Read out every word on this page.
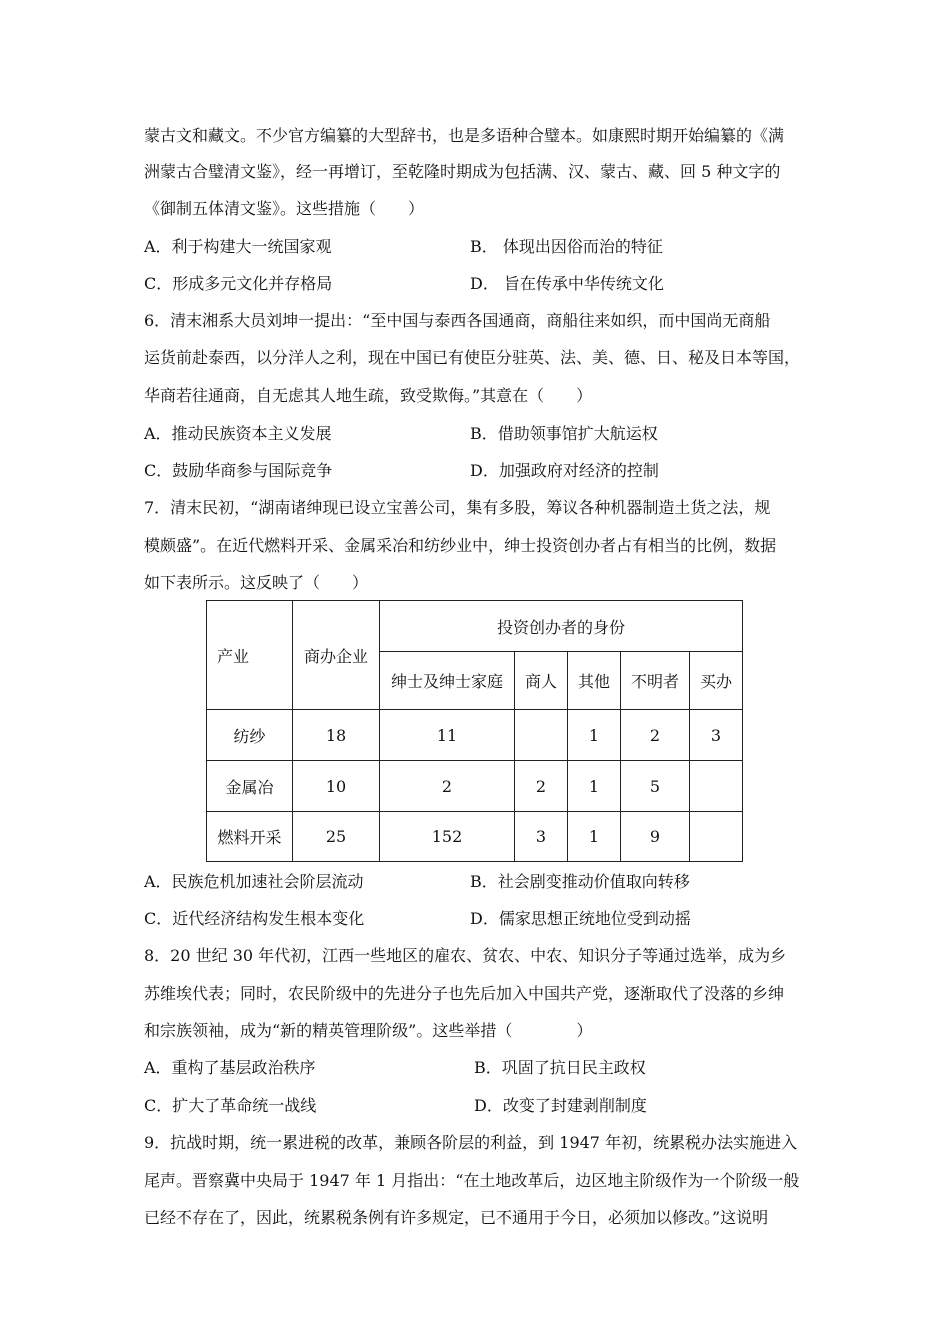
蒙古文和藏文。不少官方编纂的大型辞书，也是多语种合璧本。如康熙时期开始编纂的《满
洲蒙古合璧清文鉴》，经一再增订，至乾隆时期成为包括满、汉、蒙古、藏、回 5 种文字的
《御制五体清文鉴》。这些措施（　　）
A．利于构建大一统国家观	B． 体现出因俗而治的特征
C．形成多元文化并存格局	D． 旨在传承中华传统文化
6．清末湘系大员刘坤一提出：“至中国与泰西各国通商，商船往来如织，而中国尚无商船
运货前赴泰西，以分洋人之利，现在中国已有使臣分驻英、法、美、德、日、秘及日本等国，
华商若往通商，自无虑其人地生疏，致受欺侮。”其意在（　　）
A．推动民族资本主义发展	B．借助领事馆扩大航运权
C．鼓励华商参与国际竞争	D．加强政府对经济的控制
7．清末民初，“湖南诸绅现已设立宝善公司，集有多股，筹议各种机器制造土货之法，规
模颇盛”。在近代燃料开采、金属采冶和纺纱业中，绅士投资创办者占有相当的比例，数据
如下表所示。这反映了（　　）
产业	商办企业	投资创办者的身份				
		绅士及绅士家庭	商人	其他	不明者	买办
纺纱	18	11		1	2	3
金属冶	10	2	2	1	5	
燃料开采	25	152	3	1	9	
A．民族危机加速社会阶层流动	B．社会剧变推动价值取向转移
C．近代经济结构发生根本变化	D．儒家思想正统地位受到动摇
8．20 世纪 30 年代初，江西一些地区的雇农、贫农、中农、知识分子等通过选举，成为乡
苏维埃代表；同时，农民阶级中的先进分子也先后加入中国共产党，逐渐取代了没落的乡绅
和宗族领袖，成为“新的精英管理阶级”。这些举措（　　　　）
A．重构了基层政治秩序	B．巩固了抗日民主政权
C．扩大了革命统一战线	D．改变了封建剥削制度
9．抗战时期，统一累进税的改革，兼顾各阶层的利益，到 1947 年初，统累税办法实施进入
尾声。晋察冀中央局于 1947 年 1 月指出：“在土地改革后，边区地主阶级作为一个阶级一般
已经不存在了，因此，统累税条例有许多规定，已不通用于今日，必须加以修改。”这说明
